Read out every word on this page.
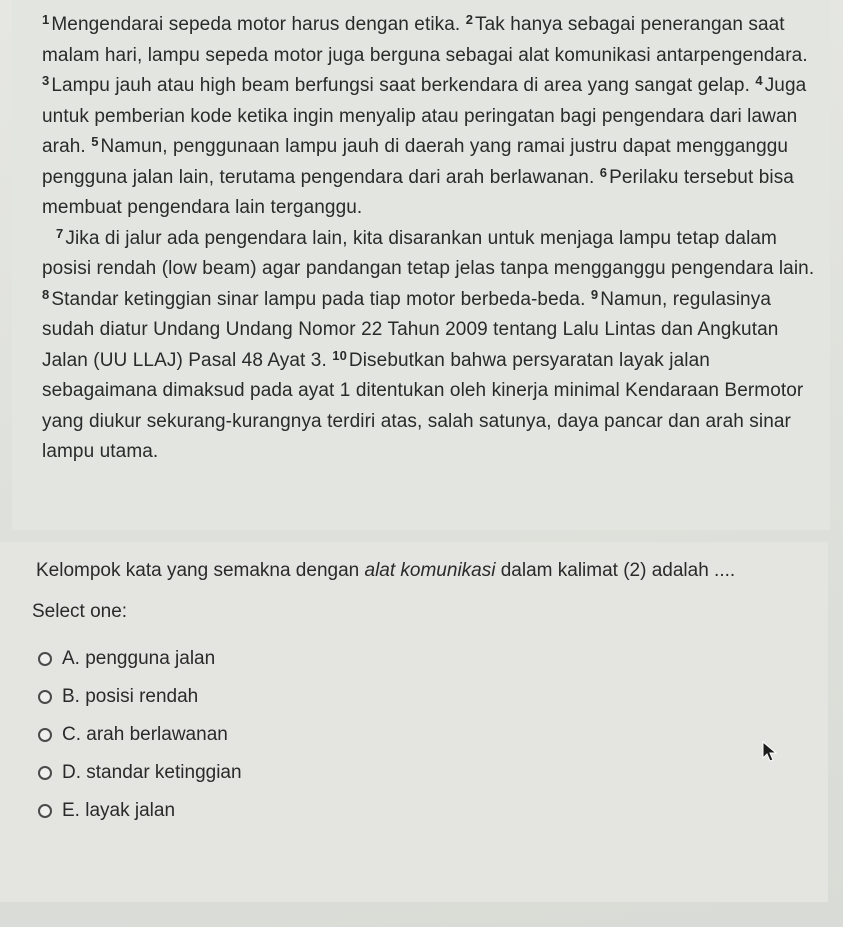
$^1$ Mengendarai sepeda motor harus dengan etika. $^2$ Tak hanya sebagai penerangan saat malam hari, lampu sepeda motor juga berguna sebagai alat komunikasi antarpengendara. $^3$ Lampu jauh atau high beam berfungsi saat berkendara di area yang sangat gelap. $^4$ Juga untuk pemberian kode ketika ingin menyalip atau peringatan bagi pengendara dari lawan arah. $^5$ Namun, penggunaan lampu jauh di daerah yang ramai justru dapat mengganggu pengguna jalan lain, terutama pengendara dari arah berlawanan. $^6$ Perilaku tersebut bisa membuat pengendara lain terganggu.

$^7$ Jika di jalur ada pengendara lain, kita disarankan untuk menjaga lampu tetap dalam posisi rendah (low beam) agar pandangan tetap jelas tanpa mengganggu pengendara lain. $^8$ Standar ketinggian sinar lampu pada tiap motor berbeda-beda. $^9$ Namun, regulasinya sudah diatur Undang Undang Nomor 22 Tahun 2009 tentang Lalu Lintas dan Angkutan Jalan (UU LLAJ) Pasal 48 Ayat 3. $^{10}$ Disebutkan bahwa persyaratan layak jalan sebagaimana dimaksud pada ayat 1 ditentukan oleh kinerja minimal Kendaraan Bermotor yang diukur sekurang-kurangnya terdiri atas, salah satunya, daya pancar dan arah sinar lampu utama.

Kelompok kata yang semakna dengan alat komunikasi dalam kalimat (2) adalah ....

Select one:

A. pengguna jalan
B. posisi rendah
C. arah berlawanan
D. standar ketinggian
E. layak jalan
